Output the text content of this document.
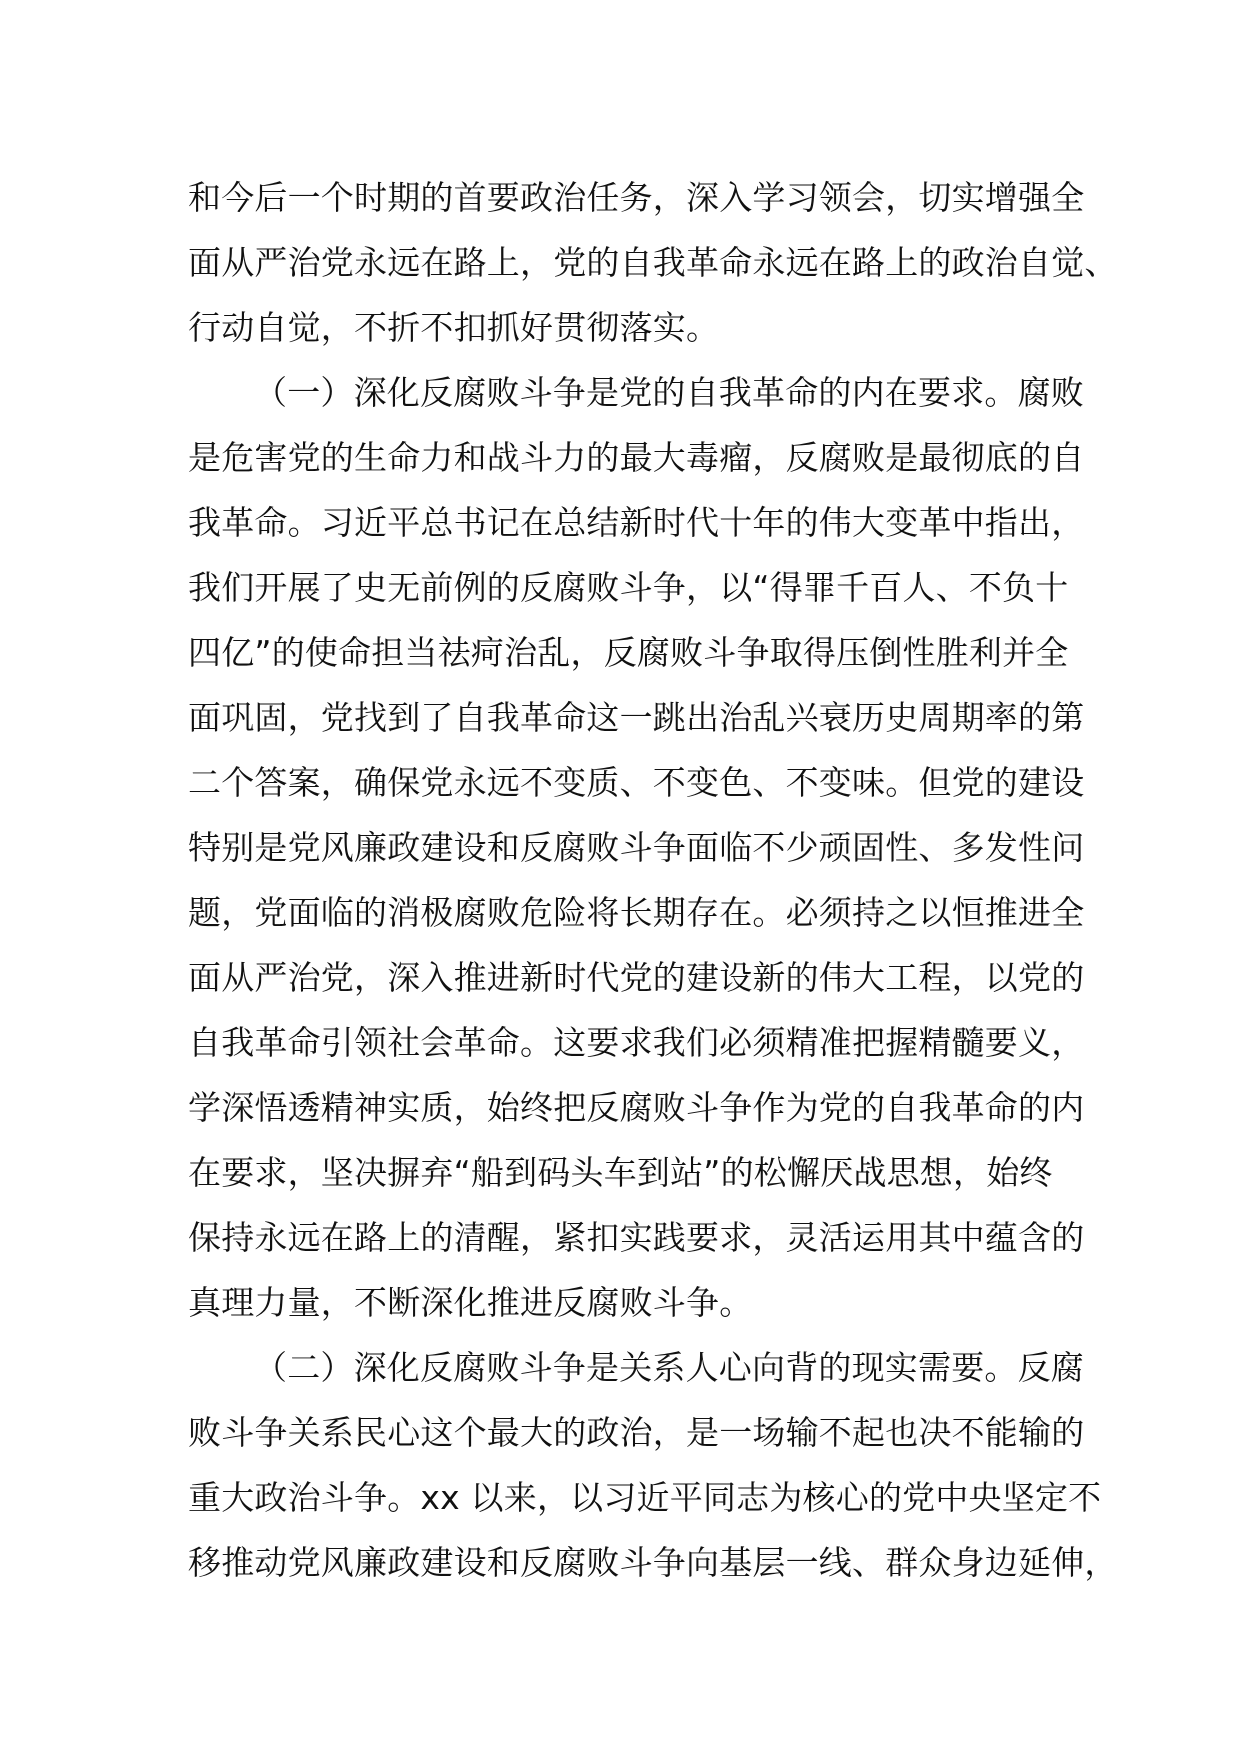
和今后一个时期的首要政治任务，深入学习领会，切实增强全
面从严治党永远在路上，党的自我革命永远在路上的政治自觉、
行动自觉，不折不扣抓好贯彻落实。

（一）深化反腐败斗争是党的自我革命的内在要求。腐败
是危害党的生命力和战斗力的最大毒瘤，反腐败是最彻底的自
我革命。习近平总书记在总结新时代十年的伟大变革中指出，
我们开展了史无前例的反腐败斗争，以“得罪千百人、不负十
四亿”的使命担当祛疴治乱，反腐败斗争取得压倒性胜利并全
面巩固，党找到了自我革命这一跳出治乱兴衰历史周期率的第
二个答案，确保党永远不变质、不变色、不变味。但党的建设
特别是党风廉政建设和反腐败斗争面临不少顽固性、多发性问
题，党面临的消极腐败危险将长期存在。必须持之以恒推进全
面从严治党，深入推进新时代党的建设新的伟大工程，以党的
自我革命引领社会革命。这要求我们必须精准把握精髓要义，
学深悟透精神实质，始终把反腐败斗争作为党的自我革命的内
在要求，坚决摒弃“船到码头车到站”的松懈厌战思想，始终
保持永远在路上的清醒，紧扣实践要求，灵活运用其中蕴含的
真理力量，不断深化推进反腐败斗争。

（二）深化反腐败斗争是关系人心向背的现实需要。反腐
败斗争关系民心这个最大的政治，是一场输不起也决不能输的
重大政治斗争。xx 以来，以习近平同志为核心的党中央坚定不
移推动党风廉政建设和反腐败斗争向基层一线、群众身边延伸，
